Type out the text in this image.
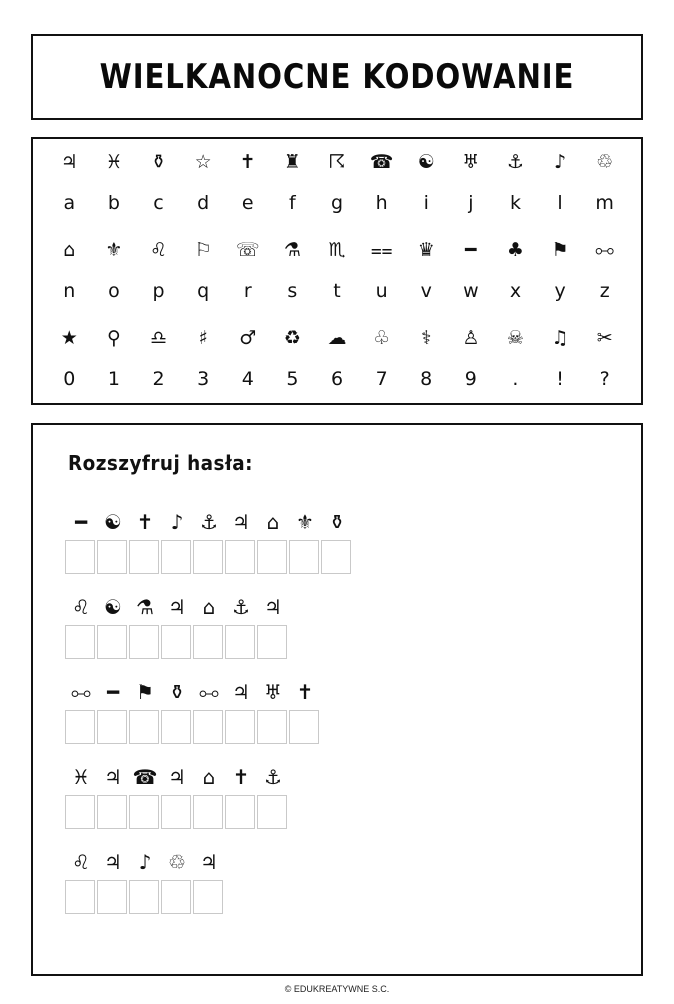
WIELKANOCNE KODOWANIE
♃
a
♓
b
⚱
c
☆
d
✝
e
♜
f
☈
g
☎
h
☯
i
♅
j
⚓
k
♪
l
♲
m
⌂
n
⚜
o
♌
p
⚐
q
☏
r
⚗
s
♏
t
⩵
u
♛
v
━
w
♣
x
⚑
y
⧟
z
★
0
⚲
1
♎
2
♯
3
♂
4
♻
5
☁
6
♧
7
⚕
8
♙
9
☠
.
♫
!
✂
?
Rozszyfruj hasła:
━ ☯ ✝ ♪ ⚓ ♃ ⌂ ⚜ ⚱
♌ ☯ ⚗ ♃ ⌂ ⚓ ♃
⧟ ━ ⚑ ⚱ ⧟ ♃ ♅ ✝
♓ ♃ ☎ ♃ ⌂ ✝ ⚓
♌ ♃ ♪ ♲ ♃

© EDUKREATYWNE S.C.
